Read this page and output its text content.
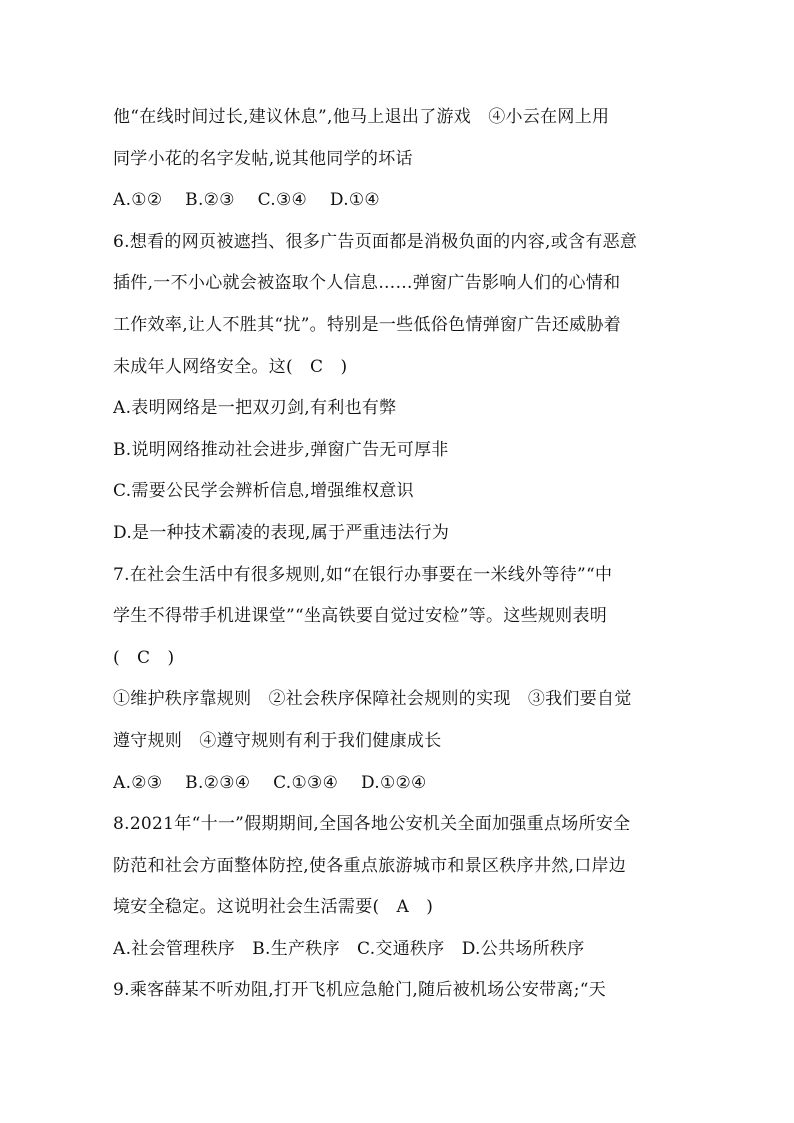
他“在线时间过长,建议休息”,他马上退出了游戏   ④小云在网上用
同学小花的名字发帖,说其他同学的坏话
A.①②    B.②③    C.③④    D.①④
6.想看的网页被遮挡、很多广告页面都是消极负面的内容,或含有恶意
插件,一不小心就会被盗取个人信息……弹窗广告影响人们的心情和
工作效率,让人不胜其“扰”。特别是一些低俗色情弹窗广告还威胁着
未成年人网络安全。这(   C   )
A.表明网络是一把双刃剑,有利也有弊
B.说明网络推动社会进步,弹窗广告无可厚非
C.需要公民学会辨析信息,增强维权意识
D.是一种技术霸凌的表现,属于严重违法行为
7.在社会生活中有很多规则,如“在银行办事要在一米线外等待”“中
学生不得带手机进课堂”“坐高铁要自觉过安检”等。这些规则表明
(   C   )
①维护秩序靠规则   ②社会秩序保障社会规则的实现   ③我们要自觉
遵守规则   ④遵守规则有利于我们健康成长
A.②③    B.②③④    C.①③④    D.①②④
8.2021年“十一”假期期间,全国各地公安机关全面加强重点场所安全
防范和社会方面整体防控,使各重点旅游城市和景区秩序井然,口岸边
境安全稳定。这说明社会生活需要(   A   )
A.社会管理秩序   B.生产秩序   C.交通秩序   D.公共场所秩序
9.乘客薛某不听劝阻,打开飞机应急舱门,随后被机场公安带离;“天
